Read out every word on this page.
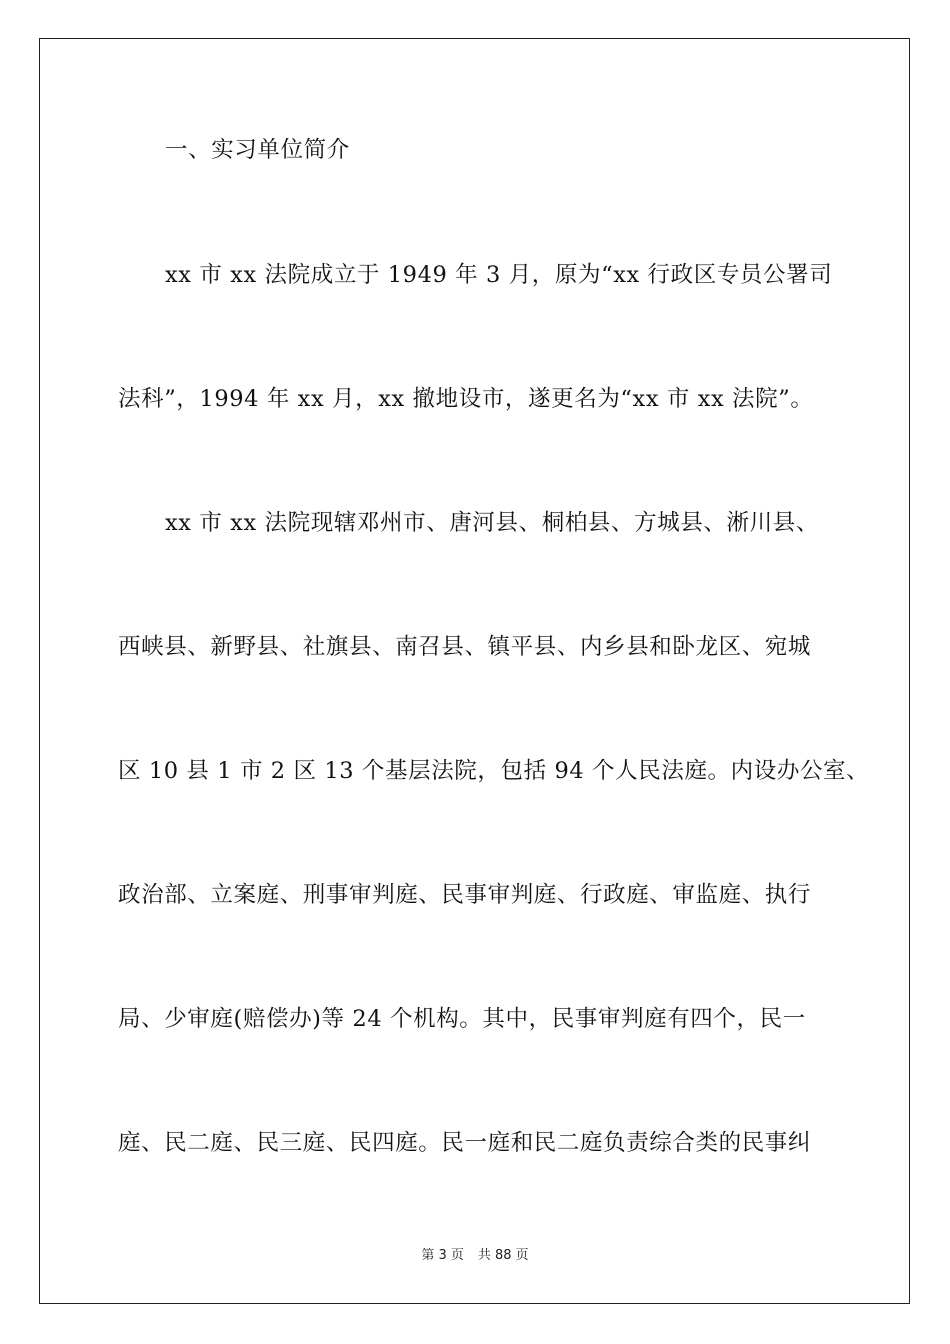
一、实习单位简介
xx 市 xx 法院成立于 1949 年 3 月，原为“xx 行政区专员公署司
法科”，1994 年 xx 月，xx 撤地设市，遂更名为“xx 市 xx 法院”。
xx 市 xx 法院现辖邓州市、唐河县、桐柏县、方城县、淅川县、
西峡县、新野县、社旗县、南召县、镇平县、内乡县和卧龙区、宛城
区 10 县 1 市 2 区 13 个基层法院，包括 94 个人民法庭。内设办公室、
政治部、立案庭、刑事审判庭、民事审判庭、行政庭、审监庭、执行
局、少审庭(赔偿办)等 24 个机构。其中，民事审判庭有四个，民一
庭、民二庭、民三庭、民四庭。民一庭和民二庭负责综合类的民事纠
第 3 页 共 88 页
